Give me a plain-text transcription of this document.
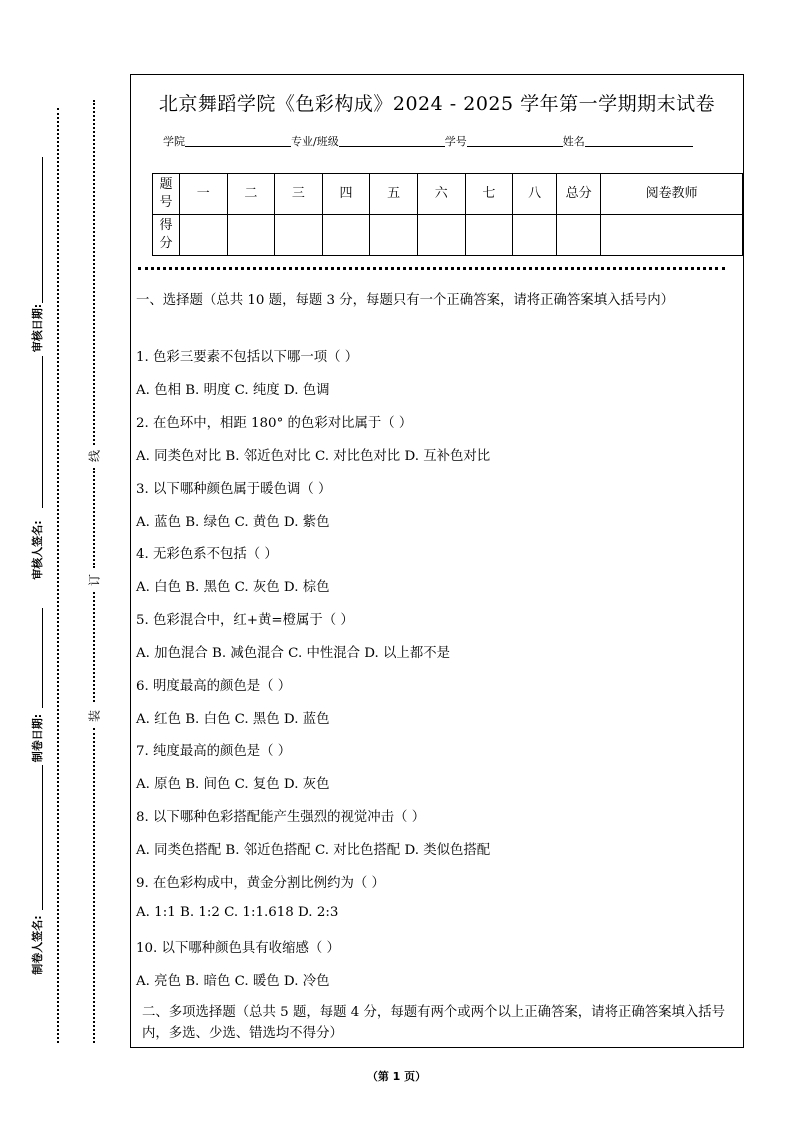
审核日期:
审核人签名:
制卷日期:
制卷人签名:
线
订
装
北京舞蹈学院《色彩构成》2024 - 2025 学年第一学期期末试卷
学院	专业/班级	学号	姓名
题号	一	二	三	四	五	六	七	八	总分	阅卷教师
得分										
一、选择题（总共 10 题，每题 3 分，每题只有一个正确答案，请将正确答案填入括号内）
1. 色彩三要素不包括以下哪一项（ ）
A. 色相 B. 明度 C. 纯度 D. 色调
2. 在色环中，相距 180° 的色彩对比属于（ ）
A. 同类色对比 B. 邻近色对比 C. 对比色对比 D. 互补色对比
3. 以下哪种颜色属于暖色调（ ）
A. 蓝色 B. 绿色 C. 黄色 D. 紫色
4. 无彩色系不包括（ ）
A. 白色 B. 黑色 C. 灰色 D. 棕色
5. 色彩混合中，红+黄=橙属于（ ）
A. 加色混合 B. 减色混合 C. 中性混合 D. 以上都不是
6. 明度最高的颜色是（ ）
A. 红色 B. 白色 C. 黑色 D. 蓝色
7. 纯度最高的颜色是（ ）
A. 原色 B. 间色 C. 复色 D. 灰色
8. 以下哪种色彩搭配能产生强烈的视觉冲击（ ）
A. 同类色搭配 B. 邻近色搭配 C. 对比色搭配 D. 类似色搭配
9. 在色彩构成中，黄金分割比例约为（ ）
A. 1:1 B. 1:2 C. 1:1.618 D. 2:3
10. 以下哪种颜色具有收缩感（ ）
A. 亮色 B. 暗色 C. 暖色 D. 冷色
二、多项选择题（总共 5 题，每题 4 分，每题有两个或两个以上正确答案，请将正确答案填入括号内，多选、少选、错选均不得分）
（第 1 页）
